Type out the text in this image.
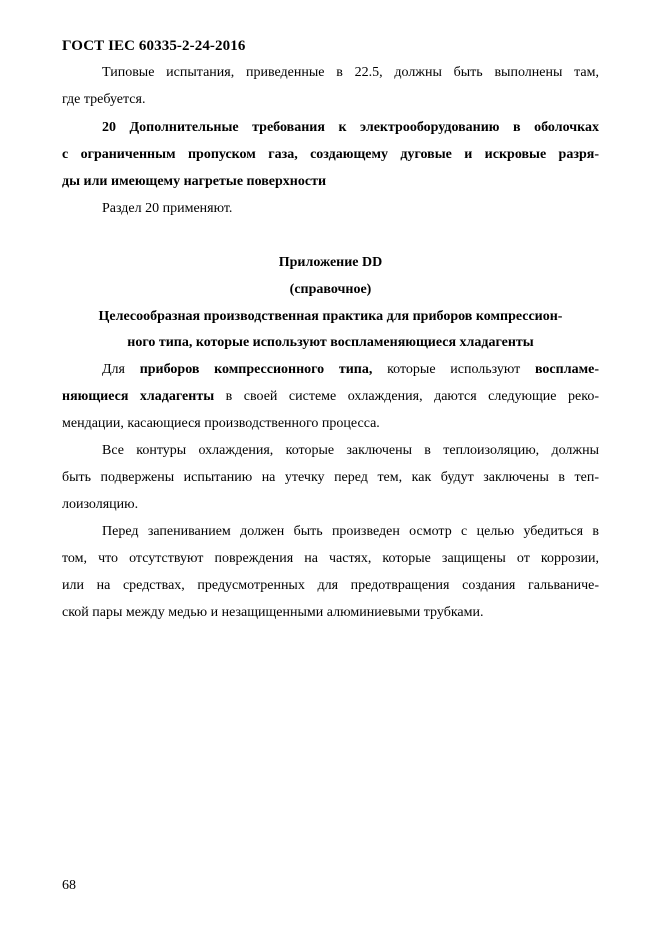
ГОСТ IEC 60335-2-24-2016
Типовые испытания, приведенные в 22.5, должны быть выполнены там,
где требуется.
20 Дополнительные требования к электрооборудованию в оболочках
с ограниченным пропуском газа, создающему дуговые и искровые разря-
ды или имеющему нагретые поверхности
Раздел 20 применяют.
Приложение DD
(справочное)
Целесообразная производственная практика для приборов компрессион-
ного типа, которые используют воспламеняющиеся хладагенты
Для приборов компрессионного типа, которые используют воспламе-
няющиеся хладагенты в своей системе охлаждения, даются следующие реко-
мендации, касающиеся производственного процесса.
Все контуры охлаждения, которые заключены в теплоизоляцию, должны
быть подвержены испытанию на утечку перед тем, как будут заключены в теп-
лоизоляцию.
Перед запениванием должен быть произведен осмотр с целью убедиться в
том, что отсутствуют повреждения на частях, которые защищены от коррозии,
или на средствах, предусмотренных для предотвращения создания гальваниче-
ской пары между медью и незащищенными алюминиевыми трубками.
68
